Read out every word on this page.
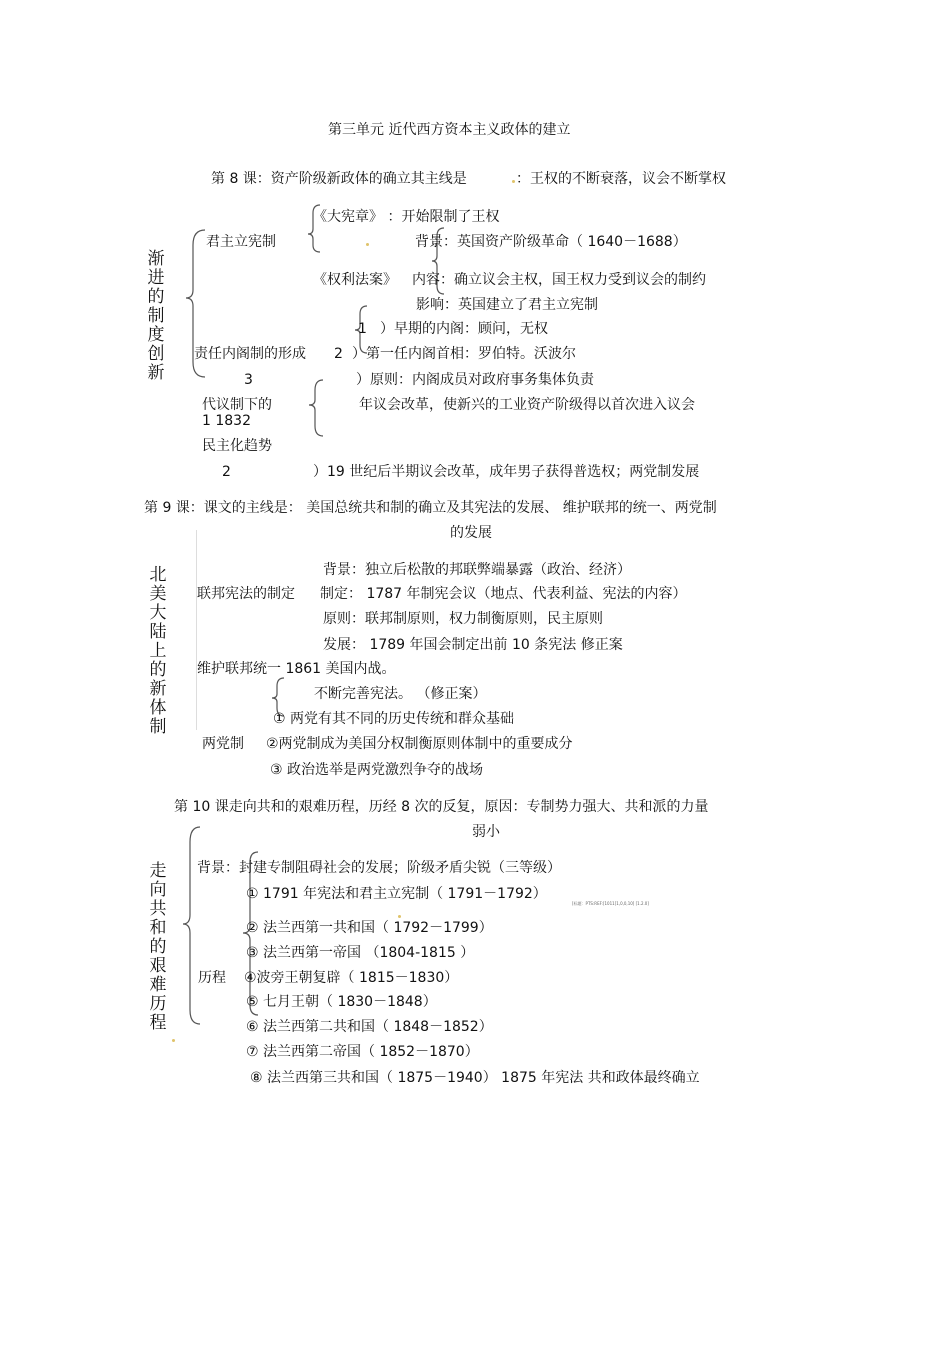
第三单元 近代西方资本主义政体的建立
第 8 课：资产阶级新政体的确立其主线是	：王权的不断衰落，议会不断掌权
渐进的制度创新
君主立宪制
《大宪章》 ：开始限制了王权
背景：英国资产阶级革命（ 1640－1688）
《权利法案》 内容：确立议会主权，国王权力受到议会的制约
影响：英国建立了君主立宪制
1 ）早期的内阁：顾问，无权
责任内阁制的形成 2 ）第一任内阁首相：罗伯特。沃波尔
3	）原则：内阁成员对政府事务集体负责
代议制下的
1 1832
年议会改革，使新兴的工业资产阶级得以首次进入议会
民主化趋势
2	）19 世纪后半期议会改革，成年男子获得普选权；两党制发展
第 9 课：课文的主线是： 美国总统共和制的确立及其宪法的发展、 维护联邦的统一、两党制
的发展
北美大陆上的新体制
背景：独立后松散的邦联弊端暴露（政治、经济）
联邦宪法的制定 制定： 1787 年制宪会议（地点、代表利益、宪法的内容）
原则：联邦制原则，权力制衡原则，民主原则
发展： 1789 年国会制定出前 10 条宪法 修正案
维护联邦统一 1861 美国内战。
不断完善宪法。 （修正案）
① 两党有其不同的历史传统和群众基础
两党制 ②两党制成为美国分权制衡原则体制中的重要成分
③ 政治选举是两党激烈争夺的战场
第 10 课走向共和的艰难历程，历经 8 次的反复，原因：专制势力强大、共和派的力量
弱小
走向共和的艰难历程
背景：封建专制阻碍社会的发展；阶级矛盾尖锐（三等级）
历程
① 1791 年宪法和君主立宪制（ 1791－1792）
[标题：PTS:REF:[1011]1,0,0,10] [1.2.0]
② 法兰西第一共和国（ 1792－1799）
③ 法兰西第一帝国 （1804-1815 ）
④波旁王朝复辟（ 1815－1830）
⑤ 七月王朝（ 1830－1848）
⑥ 法兰西第二共和国（ 1848－1852）
⑦ 法兰西第二帝国（ 1852－1870）
⑧ 法兰西第三共和国（ 1875－1940） 1875 年宪法 共和政体最终确立
